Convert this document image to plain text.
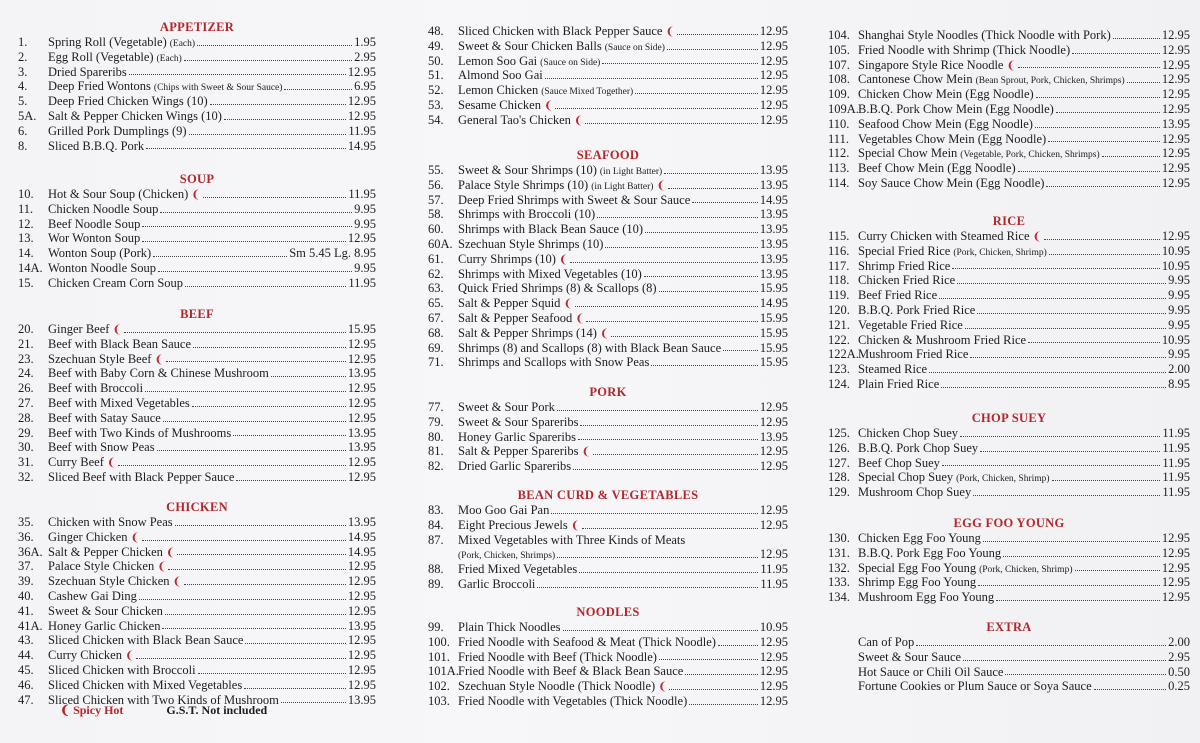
APPETIZER
1.	Spring Roll (Vegetable) (Each)	1.95
2.	Egg Roll (Vegetable) (Each)	2.95
3.	Dried Spareribs	12.95
4.	Deep Fried Wontons (Chips with Sweet & Sour Sauce)	6.95
5.	Deep Fried Chicken Wings (10)	12.95
5A. Salt & Pepper Chicken Wings (10)	12.95
6.	Grilled Pork Dumplings (9)	11.95
8.	Sliced B.B.Q. Pork	14.95
SOUP
10.	Hot & Sour Soup (Chicken) ❨	11.95
11.	Chicken Noodle Soup	9.95
12.	Beef Noodle Soup	9.95
13.	Wor Wonton Soup	12.95
14.	Wonton Soup (Pork)	Sm 5.45 Lg. 8.95
14A. Wonton Noodle Soup	9.95
15.	Chicken Cream Corn Soup	11.95
BEEF
20.	Ginger Beef ❨	15.95
21.	Beef with Black Bean Sauce	12.95
23.	Szechuan Style Beef ❨	12.95
24.	Beef with Baby Corn & Chinese Mushroom	13.95
26.	Beef with Broccoli	12.95
27.	Beef with Mixed Vegetables	12.95
28.	Beef with Satay Sauce	12.95
29.	Beef with Two Kinds of Mushrooms	13.95
30.	Beef with Snow Peas	13.95
31.	Curry Beef ❨	12.95
32.	Sliced Beef with Black Pepper Sauce	12.95
CHICKEN
35.	Chicken with Snow Peas	13.95
36.	Ginger Chicken ❨	14.95
36A. Salt & Pepper Chicken ❨	14.95
37.	Palace Style Chicken ❨	12.95
39.	Szechuan Style Chicken ❨	12.95
40.	Cashew Gai Ding	12.95
41.	Sweet & Sour Chicken	12.95
41A. Honey Garlic Chicken	13.95
43.	Sliced Chicken with Black Bean Sauce	12.95
44.	Curry Chicken ❨	12.95
45.	Sliced Chicken with Broccoli	12.95
46.	Sliced Chicken with Mixed Vegetables	12.95
47.	Sliced Chicken with Two Kinds of Mushroom	13.95
48.	Sliced Chicken with Black Pepper Sauce ❨	12.95
49.	Sweet & Sour Chicken Balls (Sauce on Side)	12.95
50.	Lemon Soo Gai (Sauce on Side)	12.95
51.	Almond Soo Gai	12.95
52.	Lemon Chicken (Sauce Mixed Together)	12.95
53.	Sesame Chicken ❨	12.95
54.	General Tao's Chicken ❨	12.95
SEAFOOD
55.	Sweet & Sour Shrimps (10) (in Light Batter)	13.95
56.	Palace Style Shrimps (10) (in Light Batter) ❨	13.95
57.	Deep Fried Shrimps with Sweet & Sour Sauce	14.95
58.	Shrimps with Broccoli (10)	13.95
60.	Shrimps with Black Bean Sauce (10)	13.95
60A. Szechuan Style Shrimps (10)	13.95
61.	Curry Shrimps (10) ❨	13.95
62.	Shrimps with Mixed Vegetables (10)	13.95
63.	Quick Fried Shrimps (8) & Scallops (8)	15.95
65.	Salt & Pepper Squid ❨	14.95
67.	Salt & Pepper Seafood ❨	15.95
68.	Salt & Pepper Shrimps (14) ❨	15.95
69.	Shrimps (8) and Scallops (8) with Black Bean Sauce	15.95
71.	Shrimps and Scallops with Snow Peas	15.95
PORK
77.	Sweet & Sour Pork	12.95
79.	Sweet & Sour Spareribs	12.95
80.	Honey Garlic Spareribs	13.95
81.	Salt & Pepper Spareribs ❨	12.95
82.	Dried Garlic Spareribs	12.95
BEAN CURD & VEGETABLES
83.	Moo Goo Gai Pan	12.95
84.	Eight Precious Jewels ❨	12.95
87.	Mixed Vegetables with Three Kinds of Meats
(Pork, Chicken, Shrimps)	12.95
88.	Fried Mixed Vegetables	11.95
89.	Garlic Broccoli	11.95
NOODLES
99.	Plain Thick Noodles	10.95
100. Fried Noodle with Seafood & Meat (Thick Noodle)	12.95
101. Fried Noodle with Beef (Thick Noodle)	12.95
101A. Fried Noodle with Beef & Black Bean Sauce	12.95
102. Szechuan Style Noodle (Thick Noodle) ❨	12.95
103. Fried Noodle with Vegetables (Thick Noodle)	12.95
104. Shanghai Style Noodles (Thick Noodle with Pork)	12.95
105. Fried Noodle with Shrimp (Thick Noodle)	12.95
107. Singapore Style Rice Noodle ❨	12.95
108. Cantonese Chow Mein (Bean Sprout, Pork, Chicken, Shrimps)	12.95
109. Chicken Chow Mein (Egg Noodle)	12.95
109A. B.B.Q. Pork Chow Mein (Egg Noodle)	12.95
110. Seafood Chow Mein (Egg Noodle)	13.95
111. Vegetables Chow Mein (Egg Noodle)	12.95
112. Special Chow Mein (Vegetable, Pork, Chicken, Shrimps)	12.95
113. Beef Chow Mein (Egg Noodle)	12.95
114. Soy Sauce Chow Mein (Egg Noodle)	12.95
RICE
115. Curry Chicken with Steamed Rice ❨	12.95
116. Special Fried Rice (Pork, Chicken, Shrimp)	10.95
117. Shrimp Fried Rice	10.95
118. Chicken Fried Rice	9.95
119. Beef Fried Rice	9.95
120. B.B.Q. Pork Fried Rice	9.95
121. Vegetable Fried Rice	9.95
122. Chicken & Mushroom Fried Rice	10.95
122A. Mushroom Fried Rice	9.95
123. Steamed Rice	2.00
124. Plain Fried Rice	8.95
CHOP SUEY
125. Chicken Chop Suey	11.95
126. B.B.Q. Pork Chop Suey	11.95
127. Beef Chop Suey	11.95
128. Special Chop Suey (Pork, Chicken, Shrimp)	11.95
129. Mushroom Chop Suey	11.95
EGG FOO YOUNG
130. Chicken Egg Foo Young	12.95
131. B.B.Q. Pork Egg Foo Young	12.95
132. Special Egg Foo Young (Pork, Chicken, Shrimp)	12.95
133. Shrimp Egg Foo Young	12.95
134. Mushroom Egg Foo Young	12.95
EXTRA
Can of Pop	2.00
Sweet & Sour Sauce	2.95
Hot Sauce or Chili Oil Sauce	0.50
Fortune Cookies or Plum Sauce or Soya Sauce	0.25
❨ Spicy Hot	G.S.T. Not included
